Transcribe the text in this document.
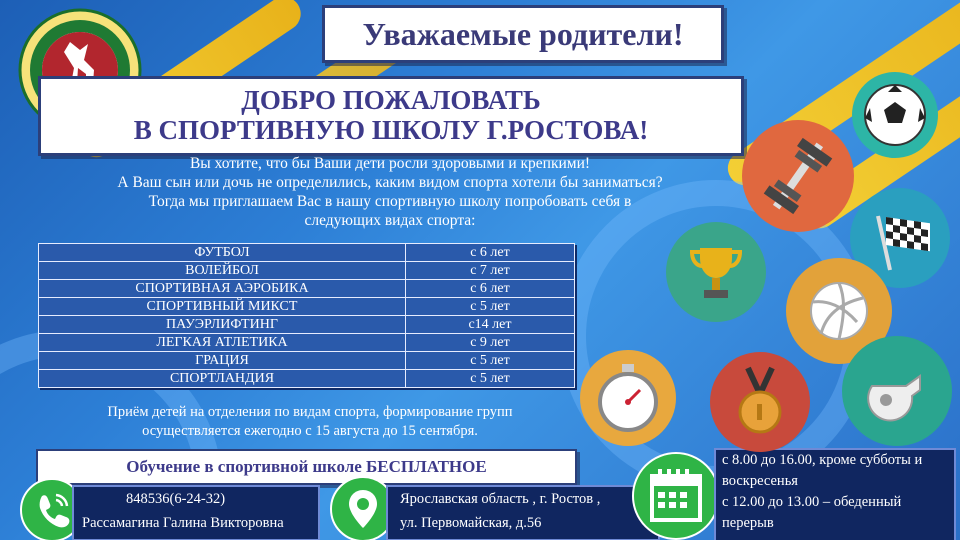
Уважаемые родители!
ДОБРО ПОЖАЛОВАТЬ
В СПОРТИВНУЮ ШКОЛУ Г.РОСТОВА!
Вы хотите, что бы Ваши дети росли здоровыми и крепкими!
А Ваш сын или дочь не определились, каким видом спорта хотели бы заниматься?
Тогда мы приглашаем Вас в нашу спортивную школу попробовать себя в
следующих видах спорта:
ФУТБОЛ	с 6 лет
ВОЛЕЙБОЛ	с 7 лет
СПОРТИВНАЯ АЭРОБИКА	с 6 лет
СПОРТИВНЫЙ МИКСТ	с 5 лет
ПАУЭРЛИФТИНГ	с14 лет
ЛЕГКАЯ АТЛЕТИКА	с 9 лет
ГРАЦИЯ	с 5 лет
СПОРТЛАНДИЯ	с 5 лет
Приём детей на отделения по видам спорта, формирование групп
осуществляется ежегодно с 15 августа до 15 сентября.
Обучение в спортивной школе БЕСПЛАТНОЕ
848536(6-24-32)
Рассамагина Галина Викторовна
Ярославская область , г. Ростов ,
ул. Первомайская, д.56
с 8.00 до 16.00, кроме субботы и
воскресенья
с 12.00 до 13.00 – обеденный
перерыв
